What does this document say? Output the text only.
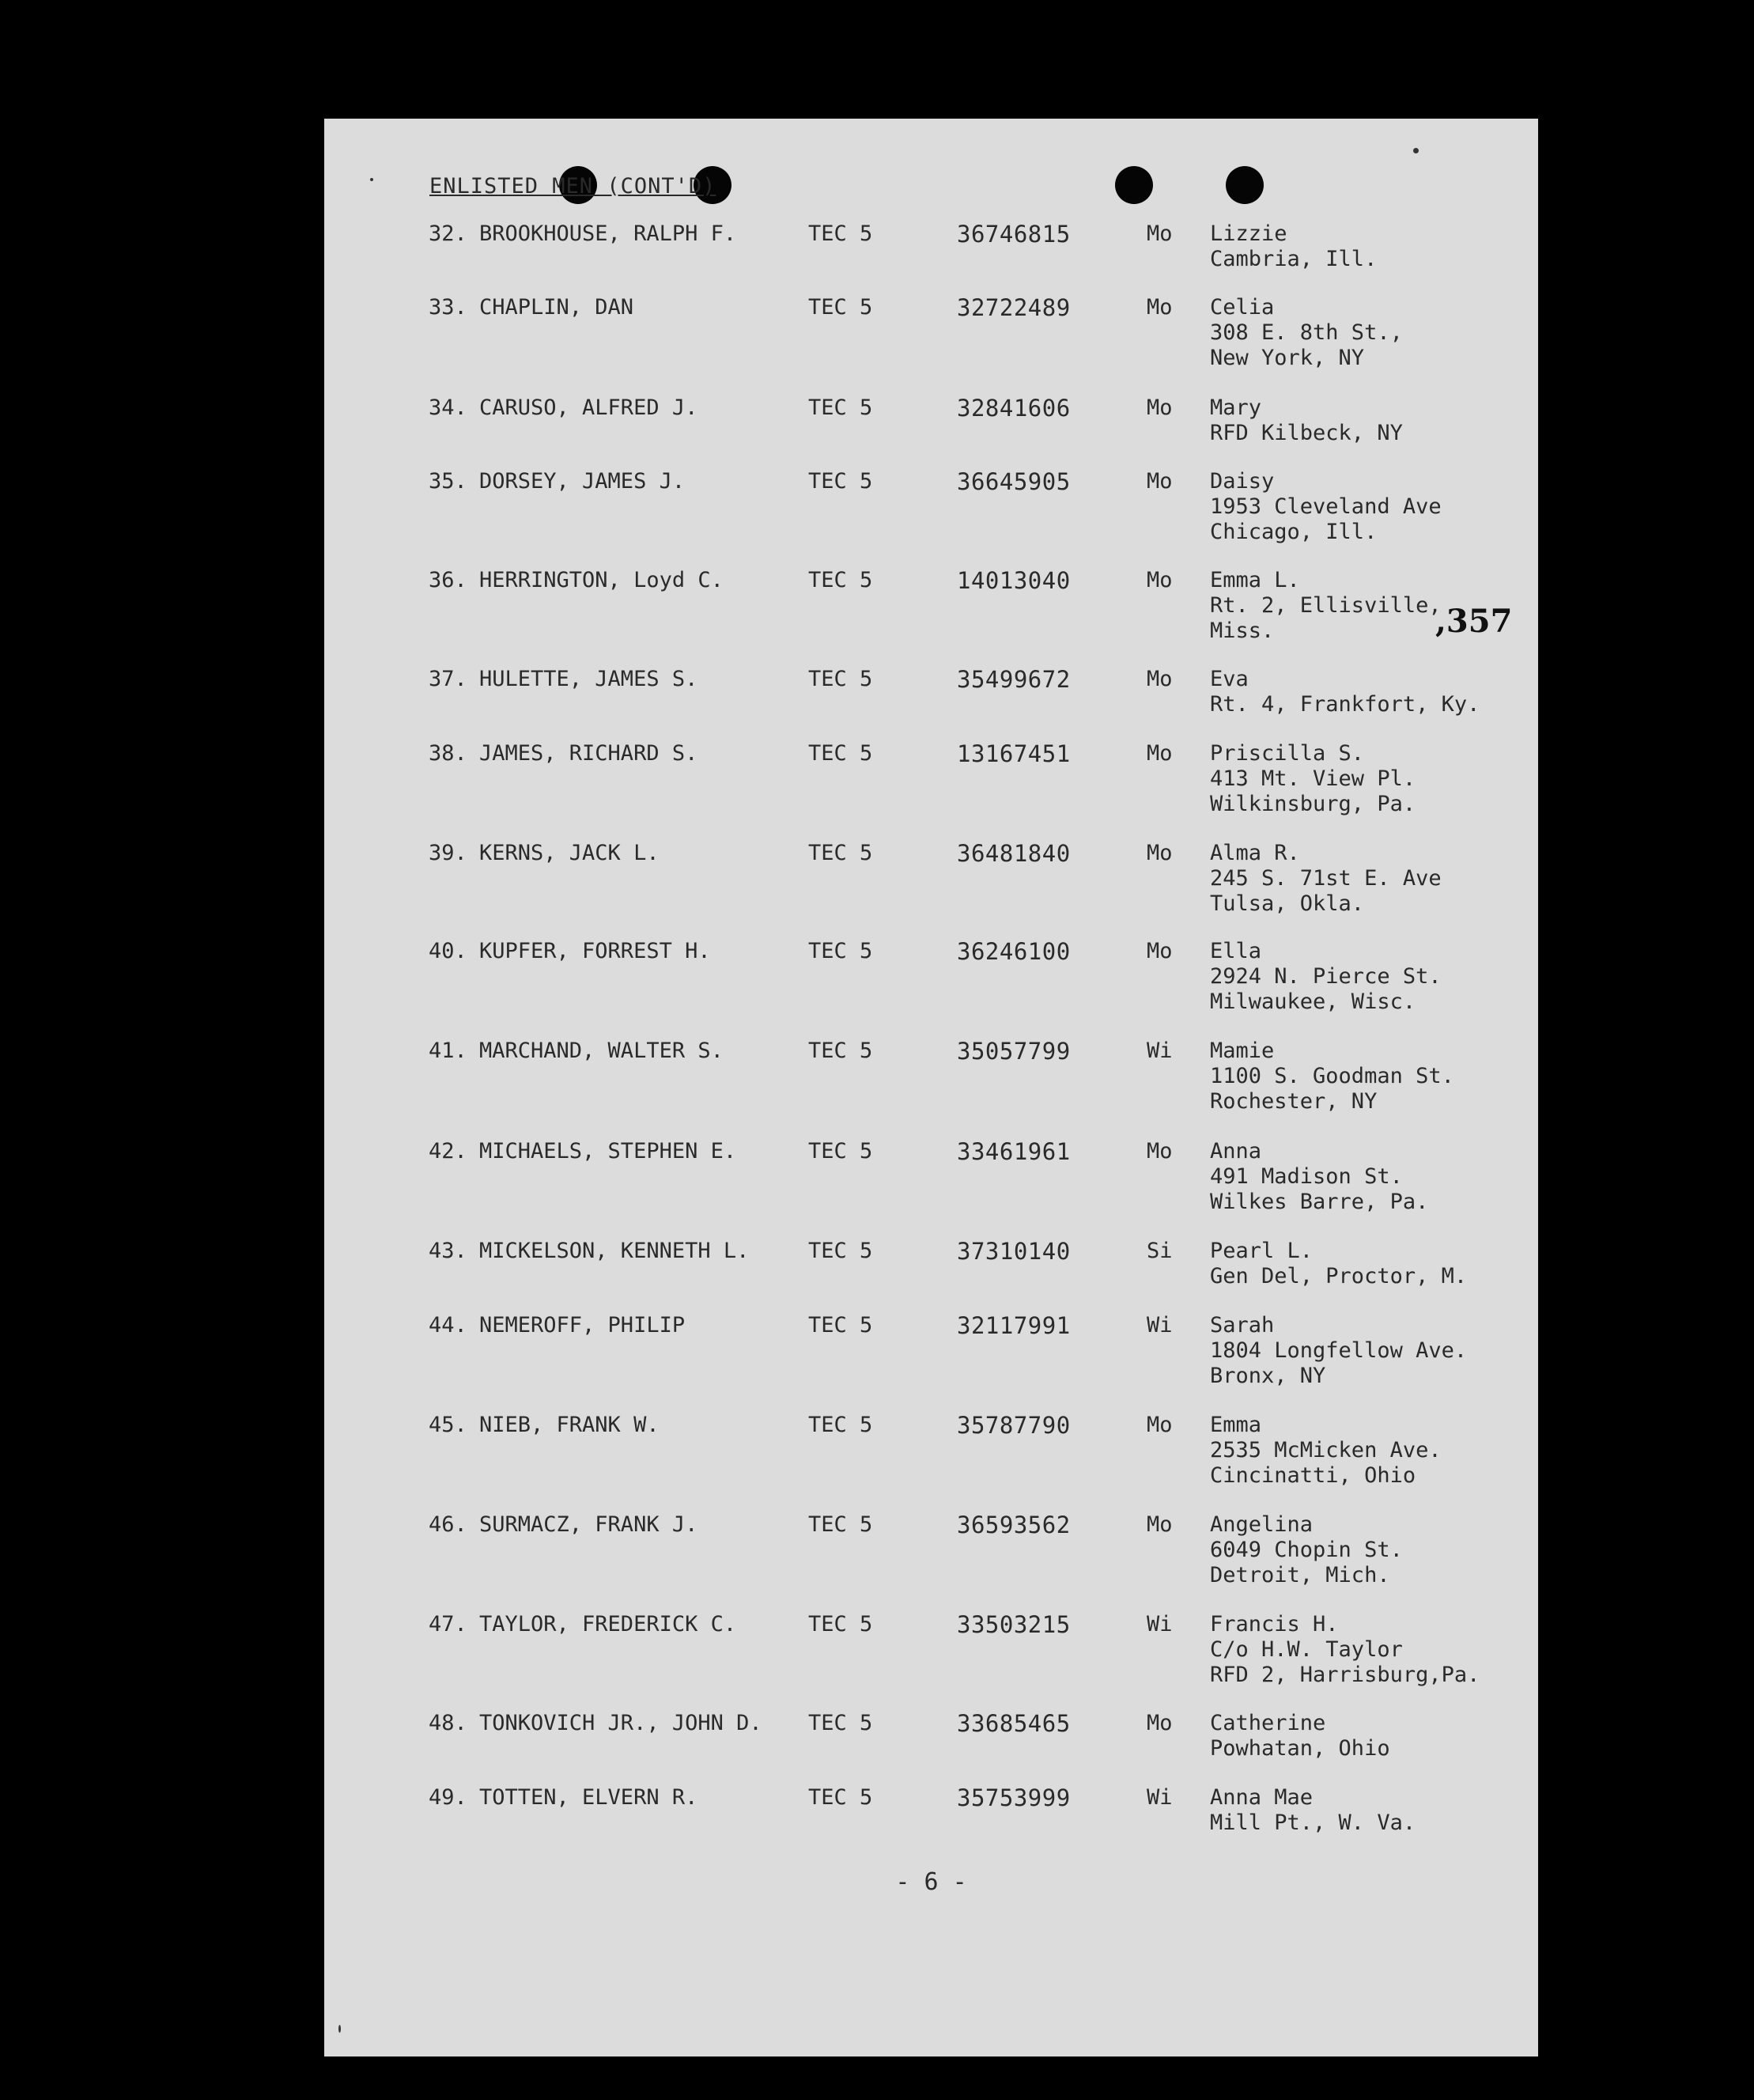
ENLISTED MEN (CONT'D)
,357
32. BROOKHOUSE, RALPH F.	TEC 5	36746815	Mo Lizzie
Cambria, Ill.
33. CHAPLIN, DAN	TEC 5	32722489	Mo Celia
308 E. 8th St.,
New York, NY
34. CARUSO, ALFRED J.	TEC 5	32841606	Mo Mary
RFD Kilbeck, NY
35. DORSEY, JAMES J.	TEC 5	36645905	Mo Daisy
1953 Cleveland Ave
Chicago, Ill.
36. HERRINGTON, Loyd C.	TEC 5	14013040	Mo Emma L.
Rt. 2, Ellisville,
Miss.
37. HULETTE, JAMES S.	TEC 5	35499672	Mo Eva
Rt. 4, Frankfort, Ky.
38. JAMES, RICHARD S.	TEC 5	13167451	Mo Priscilla S.
413 Mt. View Pl.
Wilkinsburg, Pa.
39. KERNS, JACK L.	TEC 5	36481840	Mo Alma R.
245 S. 71st E. Ave
Tulsa, Okla.
40. KUPFER, FORREST H.	TEC 5	36246100	Mo Ella
2924 N. Pierce St.
Milwaukee, Wisc.
41. MARCHAND, WALTER S.	TEC 5	35057799	Wi Mamie
1100 S. Goodman St.
Rochester, NY
42. MICHAELS, STEPHEN E.	TEC 5	33461961	Mo Anna
491 Madison St.
Wilkes Barre, Pa.
43. MICKELSON, KENNETH L.	TEC 5	37310140	Si Pearl L.
Gen Del, Proctor, M.
44. NEMEROFF, PHILIP	TEC 5	32117991	Wi Sarah
1804 Longfellow Ave.
Bronx, NY
45. NIEB, FRANK W.	TEC 5	35787790	Mo Emma
2535 McMicken Ave.
Cincinatti, Ohio
46. SURMACZ, FRANK J.	TEC 5	36593562	Mo Angelina
6049 Chopin St.
Detroit, Mich.
47. TAYLOR, FREDERICK C.	TEC 5	33503215	Wi Francis H.
C/o H.W. Taylor
RFD 2, Harrisburg,Pa.
48. TONKOVICH JR., JOHN D. TEC 5	33685465	Mo Catherine
Powhatan, Ohio
49. TOTTEN, ELVERN R.	TEC 5	35753999	Wi Anna Mae
Mill Pt., W. Va.
- 6 -
